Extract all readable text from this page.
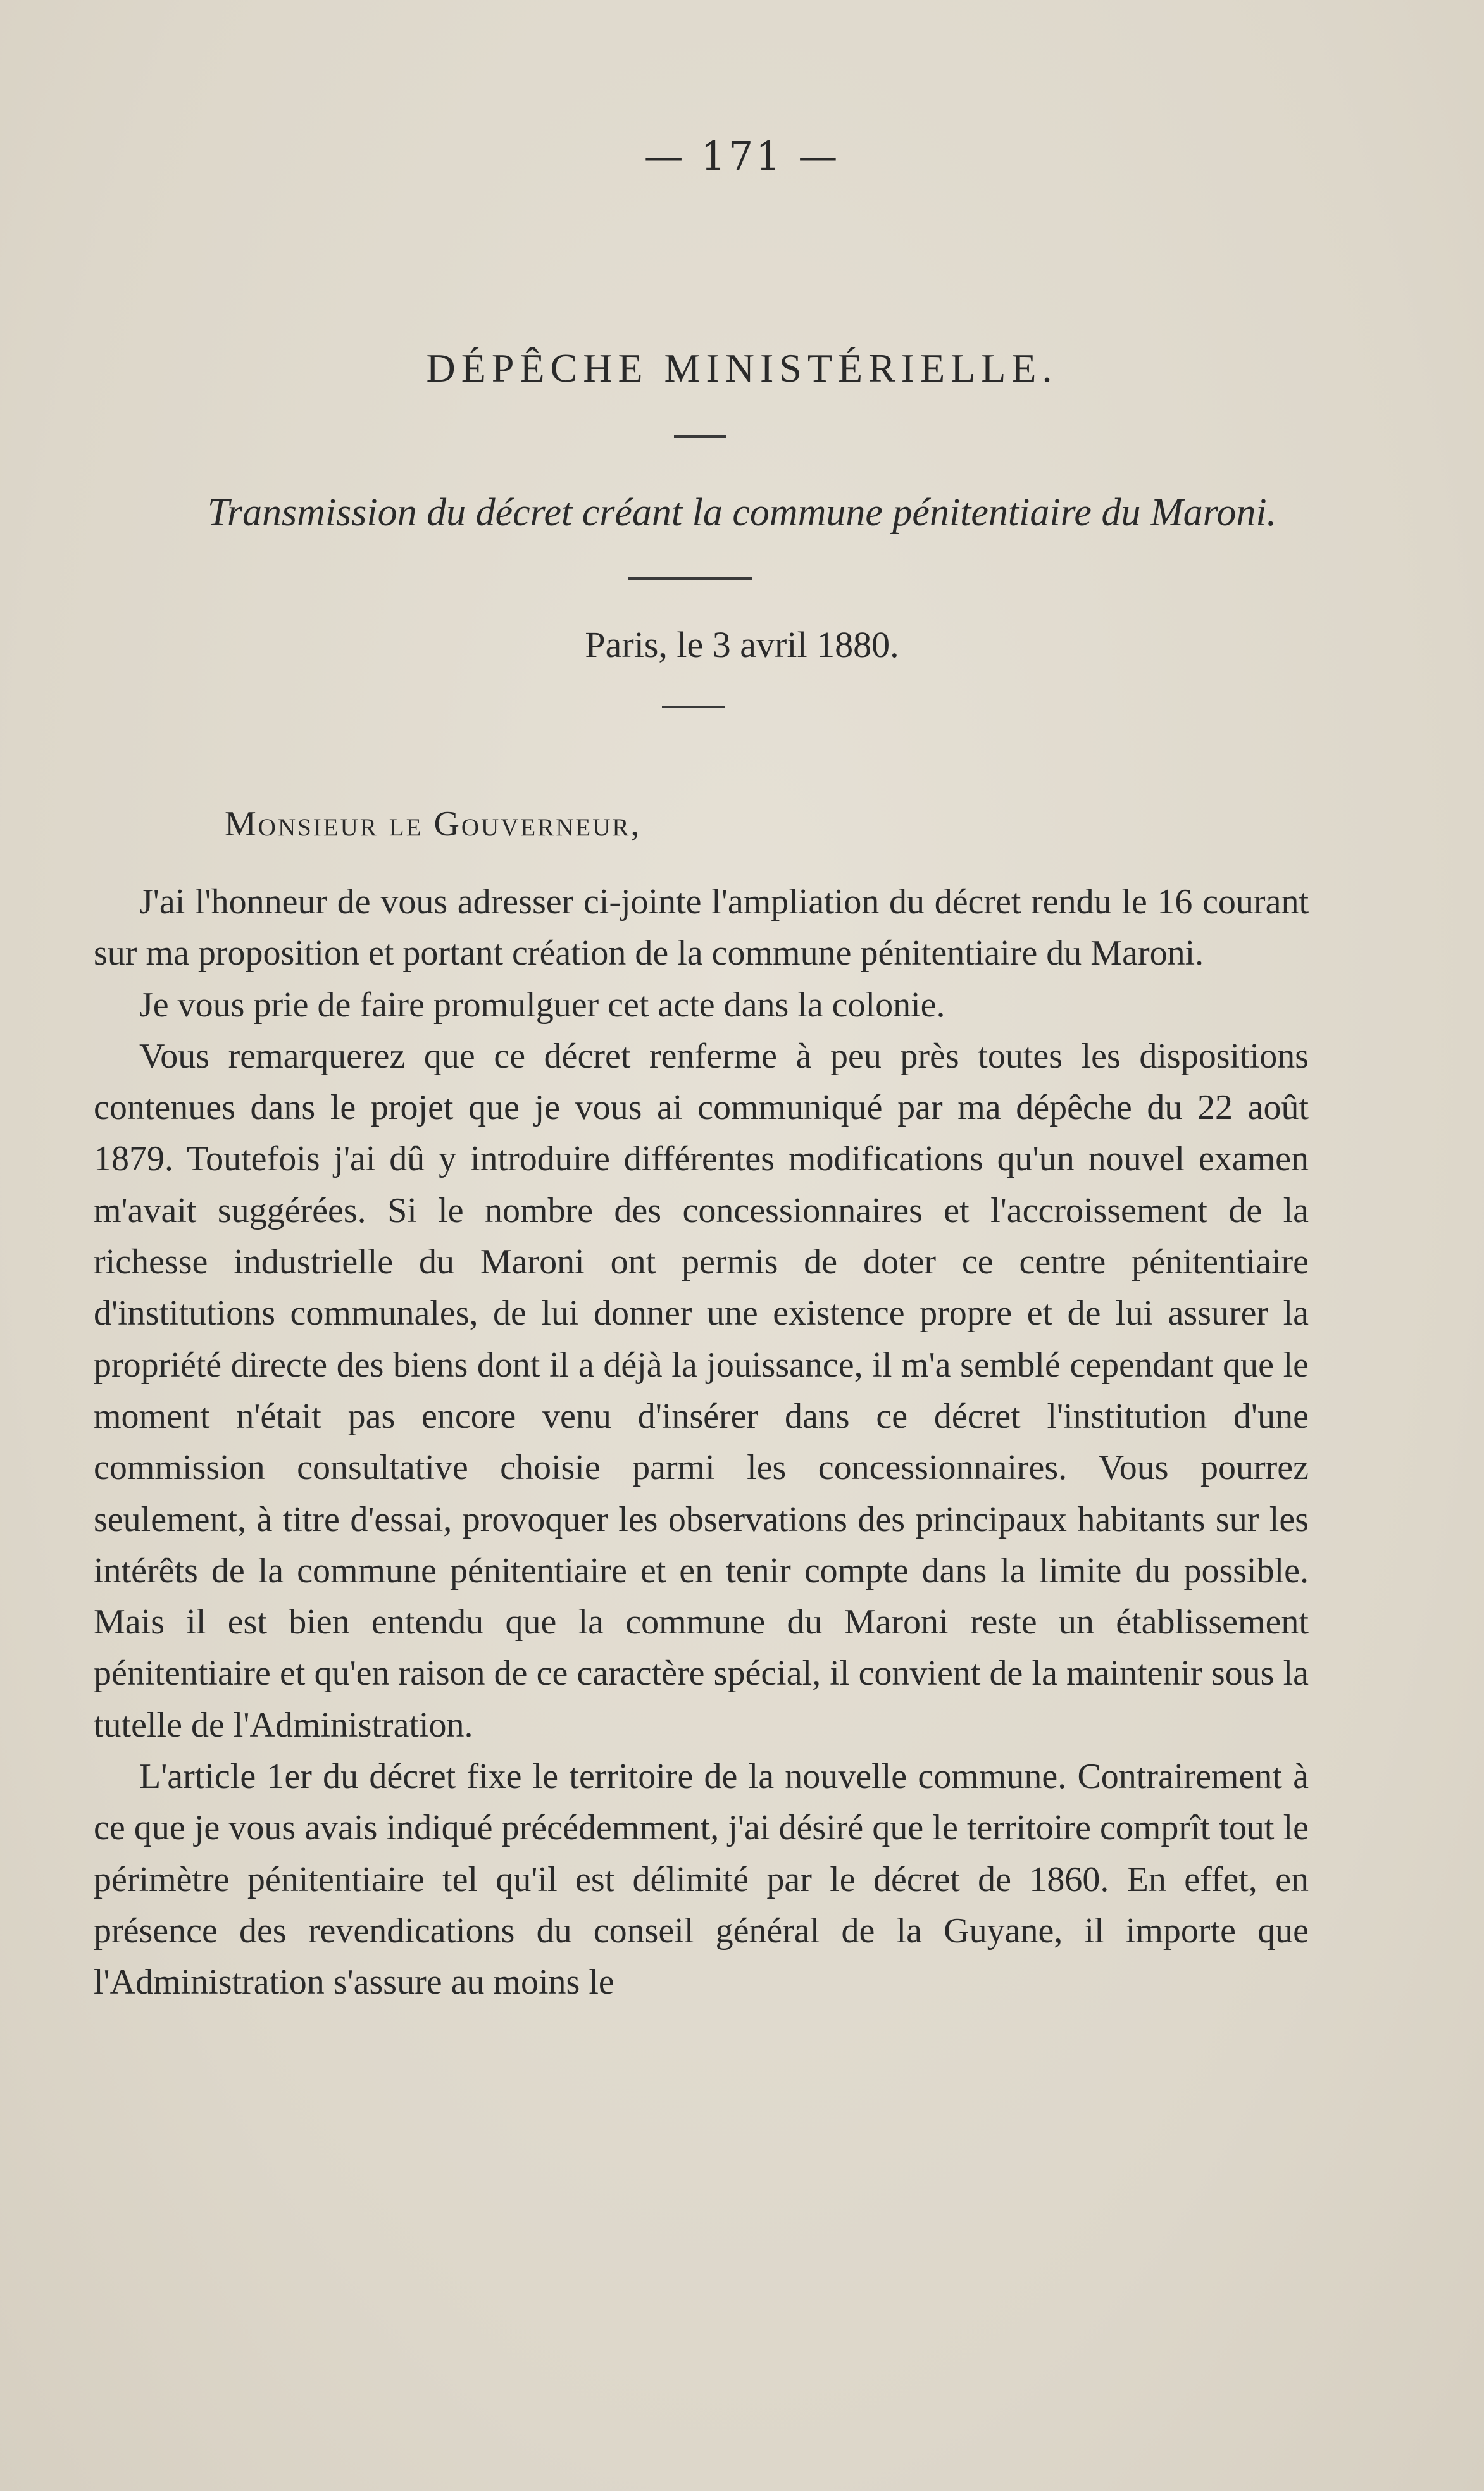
— 171 —
DÉPÊCHE MINISTÉRIELLE.
Transmission du décret créant la commune pénitentiaire du Maroni.
Paris, le 3 avril 1880.
Monsieur le Gouverneur,

J'ai l'honneur de vous adresser ci-jointe l'ampliation du décret rendu le 16 courant sur ma proposition et portant création de la commune pénitentiaire du Maroni.

Je vous prie de faire promulguer cet acte dans la colonie.

Vous remarquerez que ce décret renferme à peu près toutes les dispositions contenues dans le projet que je vous ai communiqué par ma dépêche du 22 août 1879. Toutefois j'ai dû y introduire différentes modifications qu'un nouvel examen m'avait suggérées. Si le nombre des concessionnaires et l'accroissement de la richesse industrielle du Maroni ont permis de doter ce centre pénitentiaire d'institutions communales, de lui donner une existence propre et de lui assurer la propriété directe des biens dont il a déjà la jouissance, il m'a semblé cependant que le moment n'était pas encore venu d'insérer dans ce décret l'institution d'une commission consultative choisie parmi les concessionnaires. Vous pourrez seulement, à titre d'essai, provoquer les observations des principaux habitants sur les intérêts de la commune pénitentiaire et en tenir compte dans la limite du possible. Mais il est bien entendu que la commune du Maroni reste un établissement pénitentiaire et qu'en raison de ce caractère spécial, il convient de la maintenir sous la tutelle de l'Administration.

L'article 1er du décret fixe le territoire de la nouvelle commune. Contrairement à ce que je vous avais indiqué précédemment, j'ai désiré que le territoire comprît tout le périmètre pénitentiaire tel qu'il est délimité par le décret de 1860. En effet, en présence des revendications du conseil général de la Guyane, il importe que l'Administration s'assure au moins le
